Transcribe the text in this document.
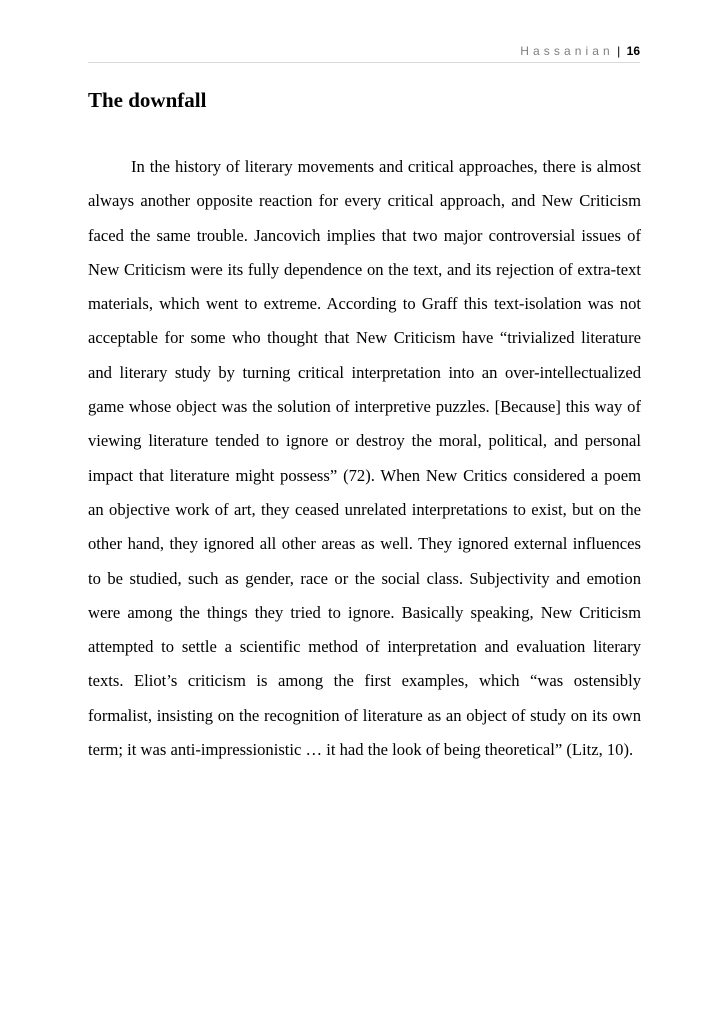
Hassanian | 16
The downfall

In the history of literary movements and critical approaches, there is almost always another opposite reaction for every critical approach, and New Criticism faced the same trouble. Jancovich implies that two major controversial issues of New Criticism were its fully dependence on the text, and its rejection of extra-text materials, which went to extreme. According to Graff this text-isolation was not acceptable for some who thought that New Criticism have “trivialized literature and literary study by turning critical interpretation into an over-intellectualized game whose object was the solution of interpretive puzzles. [Because] this way of viewing literature tended to ignore or destroy the moral, political, and personal impact that literature might possess” (72). When New Critics considered a poem an objective work of art, they ceased unrelated interpretations to exist, but on the other hand, they ignored all other areas as well. They ignored external influences to be studied, such as gender, race or the social class. Subjectivity and emotion were among the things they tried to ignore. Basically speaking, New Criticism attempted to settle a scientific method of interpretation and evaluation literary texts. Eliot’s criticism is among the first examples, which “was ostensibly formalist, insisting on the recognition of literature as an object of study on its own term; it was anti-impressionistic … it had the look of being theoretical” (Litz, 10).
